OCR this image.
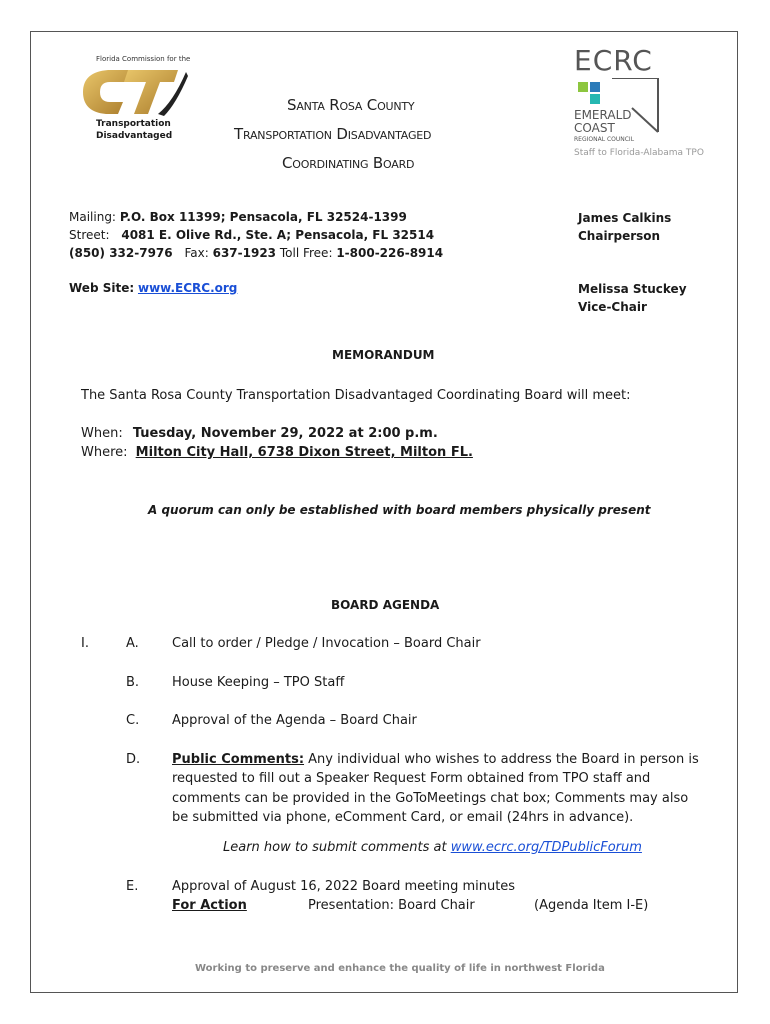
Florida Commission for the
Transportation
Disadvantaged
Santa Rosa County
Transportation Disadvantaged
Coordinating Board
ECRC
EMERALD
COAST
REGIONAL COUNCIL
Staff to Florida-Alabama TPO
Mailing: P.O. Box 11399; Pensacola, FL 32524-1399
Street: 4081 E. Olive Rd., Ste. A; Pensacola, FL 32514
(850) 332-7976 Fax: 637-1923 Toll Free: 1-800-226-8914
Web Site: www.ECRC.org
James Calkins
Chairperson
Melissa Stuckey
Vice-Chair
MEMORANDUM
The Santa Rosa County Transportation Disadvantaged Coordinating Board will meet:
When: Tuesday, November 29, 2022 at 2:00 p.m.
Where: Milton City Hall, 6738 Dixon Street, Milton FL.
A quorum can only be established with board members physically present
BOARD AGENDA
I.	A.	Call to order / Pledge / Invocation – Board Chair
B.	House Keeping – TPO Staff
C.	Approval of the Agenda – Board Chair
D. Public Comments: Any individual who wishes to address the Board in person is
requested to fill out a Speaker Request Form obtained from TPO staff and
comments can be provided in the GoToMeetings chat box; Comments may also
be submitted via phone, eComment Card, or email (24hrs in advance).
Learn how to submit comments at www.ecrc.org/TDPublicForum
E.	Approval of August 16, 2022 Board meeting minutes
For Action	Presentation: Board Chair	(Agenda Item I-E)
Working to preserve and enhance the quality of life in northwest Florida
